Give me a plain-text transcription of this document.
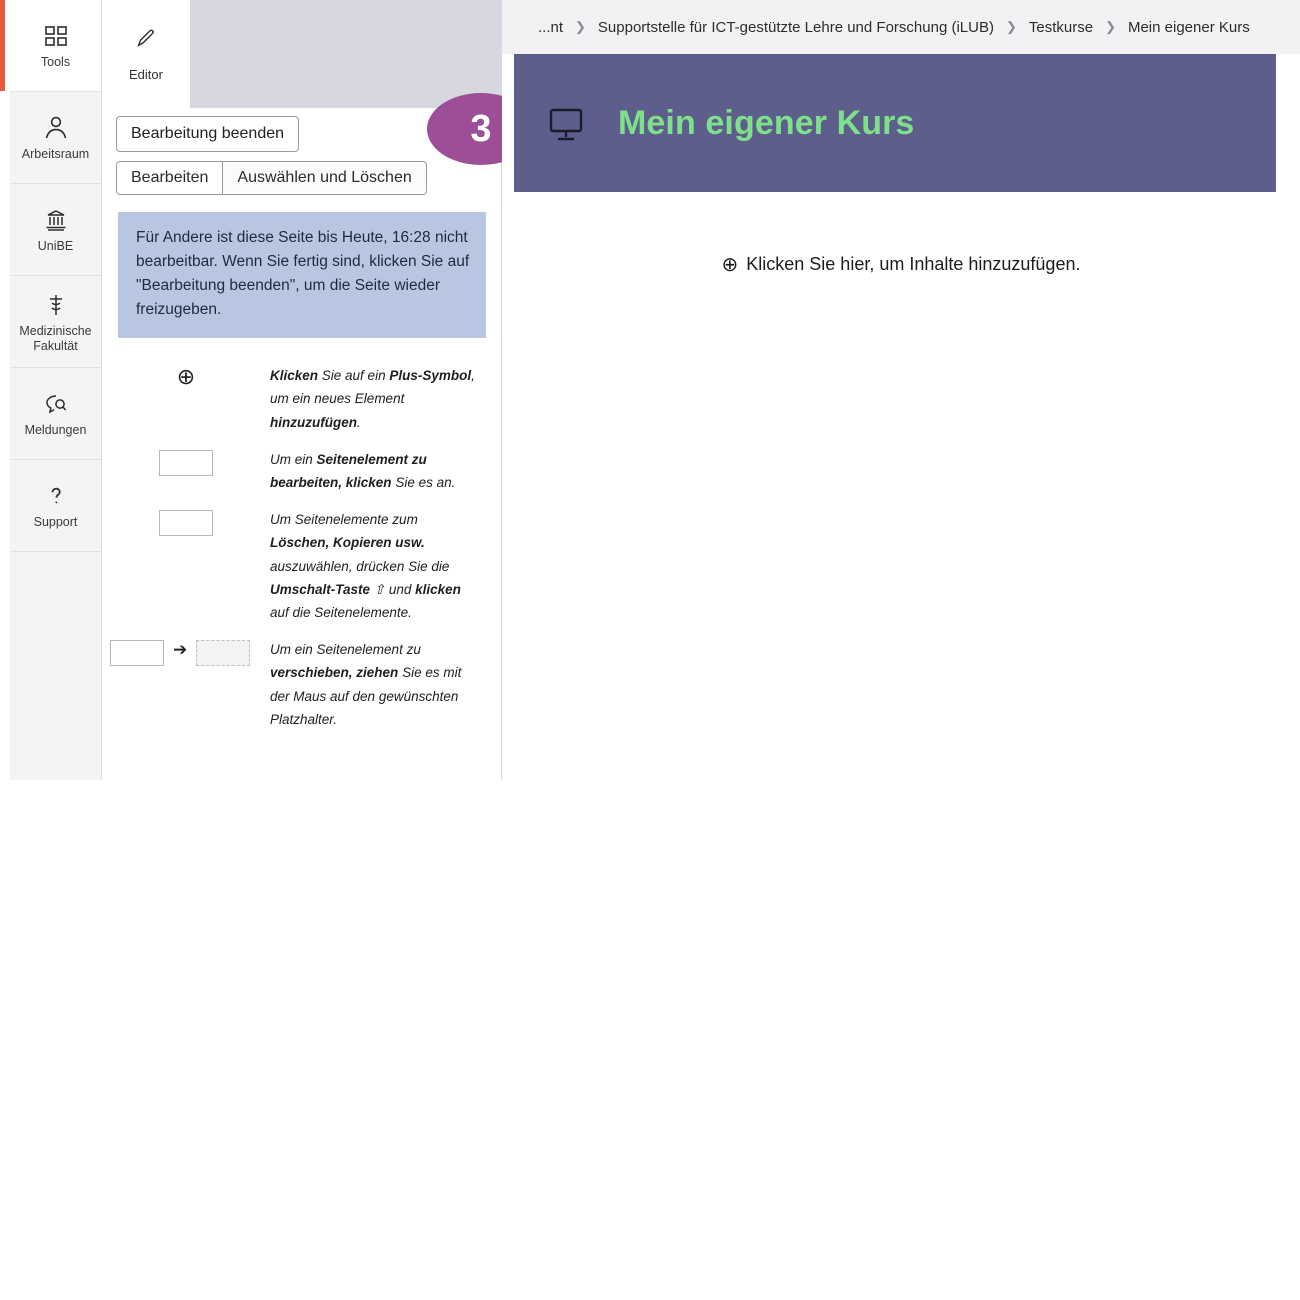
Tools
Arbeitsraum
UniBE
Medizinische Fakultät
Meldungen
Support
Editor
Bearbeitung beenden
Bearbeiten	Auswählen und Löschen
Für Andere ist diese Seite bis Heute, 16:28 nicht bearbeitbar. Wenn Sie fertig sind, klicken Sie auf "Bearbeitung beenden", um die Seite wieder freizugeben.
⊕	Klicken Sie auf ein Plus-Symbol, um ein neues Element hinzuzufügen.
Um ein Seitenelement zu bearbeiten, klicken Sie es an.
Um Seitenelemente zum Löschen, Kopieren usw. auszuwählen, drücken Sie die Umschalt-Taste ⇧ und klicken auf die Seitenelemente.
➔	Um ein Seitenelement zu verschieben, ziehen Sie es mit der Maus auf den gewünschten Platzhalter.
3
...nt ❯ Supportstelle für ICT-gestützte Lehre und Forschung (iLUB) ❯ Testkurse ❯ Mein eigener Kurs
Mein eigener Kurs
⊕ Klicken Sie hier, um Inhalte hinzuzufügen.
